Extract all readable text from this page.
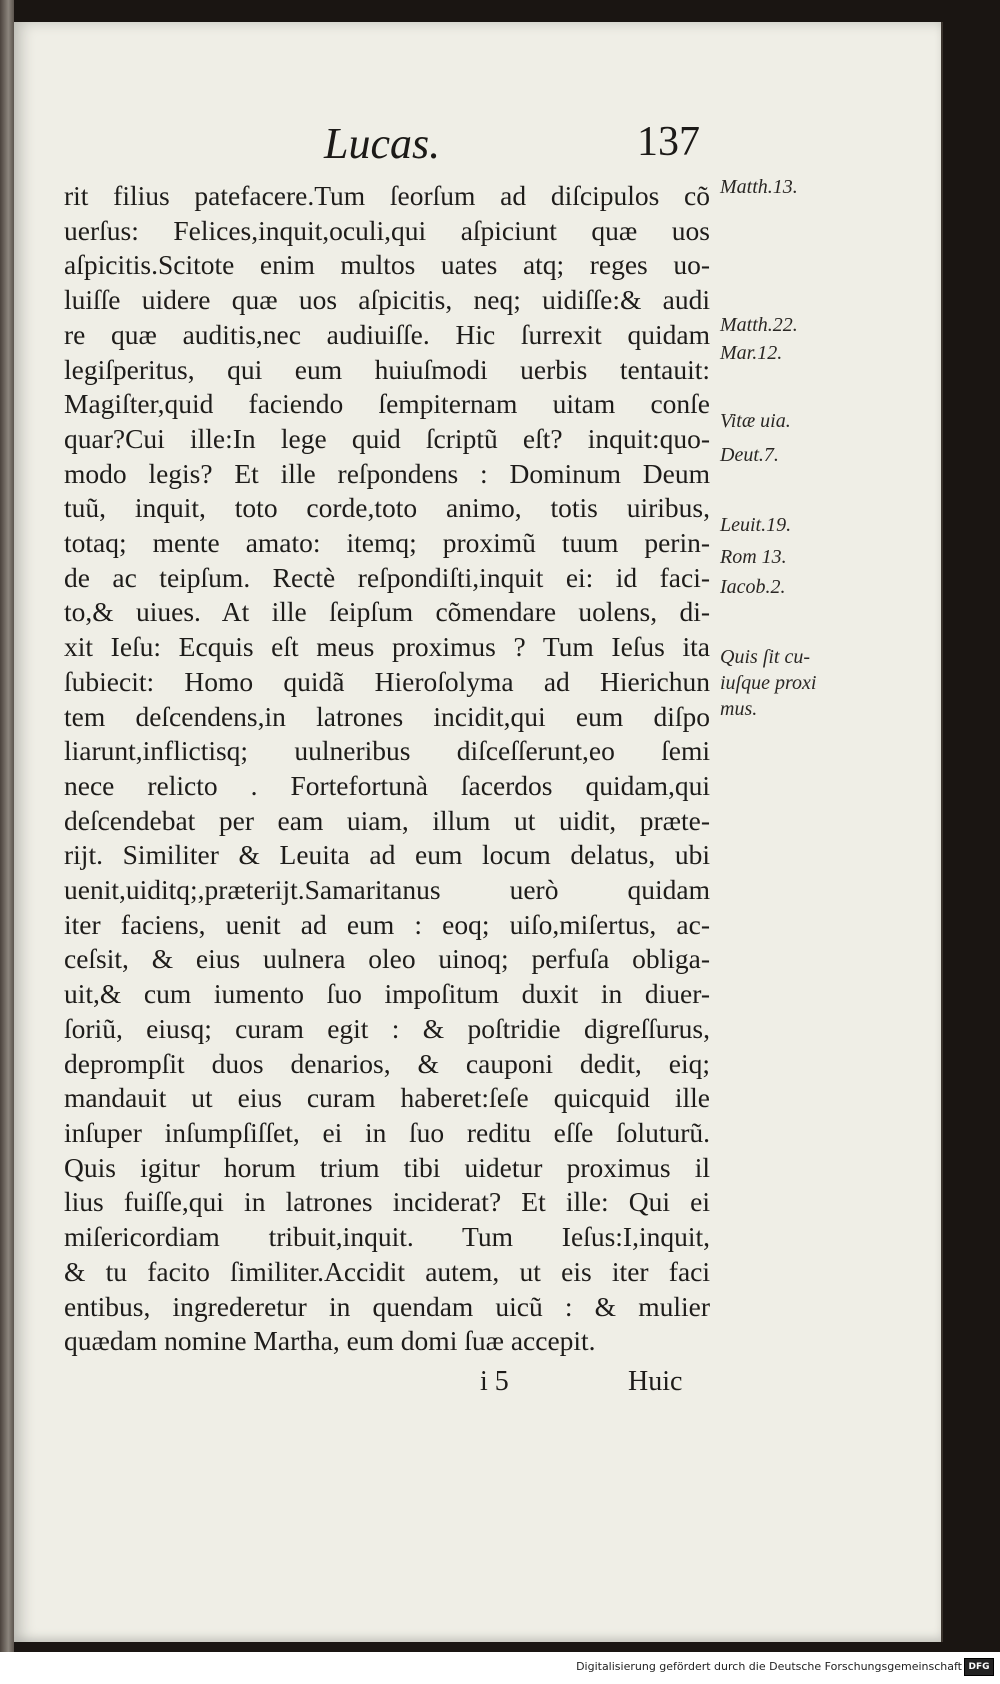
Lucas.	137
rit filius patefacere.Tum ſeorſum ad diſcipulos cõ
uerſus: Felices,inquit,oculi,qui aſpiciunt quæ uos
aſpicitis.Scitote enim multos uates atq; reges uo-
luiſſe uidere quæ uos aſpicitis, neq; uidiſſe:& audi
re quæ auditis,nec audiuiſſe. Hic ſurrexit quidam
legiſperitus, qui eum huiuſmodi uerbis tentauit:
Magiſter,quid faciendo ſempiternam uitam conſe
quar?Cui ille:In lege quid ſcriptũ eſt? inquit:quo-
modo legis? Et ille reſpondens : Dominum Deum
tuũ, inquit, toto corde,toto animo, totis uiribus,
totaq; mente amato: itemq; proximũ tuum perin-
de ac teipſum. Rectè reſpondiſti,inquit ei: id faci-
to,& uiues. At ille ſeipſum cõmendare uolens, di-
xit Ieſu: Ecquis eſt meus proximus ? Tum Ieſus ita
ſubiecit: Homo quidã Hieroſolyma ad Hierichun
tem deſcendens,in latrones incidit,qui eum diſpo
liarunt,inflictisq; uulneribus diſceſſerunt,eo ſemi
nece relicto . Fortefortunà ſacerdos quidam,qui
deſcendebat per eam uiam, illum ut uidit, præte-
rijt. Similiter & Leuita ad eum locum delatus, ubi
uenit,uiditq;,præterijt.Samaritanus uerò quidam
iter faciens, uenit ad eum : eoq; uiſo,miſertus, ac-
ceſsit, & eius uulnera oleo uinoq; perfuſa obliga-
uit,& cum iumento ſuo impoſitum duxit in diuer-
ſoriũ, eiusq; curam egit : & poſtridie digreſſurus,
deprompſit duos denarios, & cauponi dedit, eiq;
mandauit ut eius curam haberet:ſeſe quicquid ille
inſuper inſumpſiſſet, ei in ſuo reditu eſſe ſoluturũ.
Quis igitur horum trium tibi uidetur proximus il
lius fuiſſe,qui in latrones inciderat? Et ille: Qui ei
miſericordiam tribuit,inquit. Tum Ieſus:I,inquit,
& tu facito ſimiliter.Accidit autem, ut eis iter faci
entibus, ingrederetur in quendam uicũ : & mulier
quædam nomine Martha, eum domi ſuæ accepit.
Matth.13.
Matth.22.
Mar.12.
Vitæ uia.
Deut.7.
Leuit.19.
Rom 13.
Iacob.2.
Quis ſit cu-
iuſque proxi
mus.
i 5	Huic
Digitalisierung gefördert durch die Deutsche Forschungsgemeinschaft DFG
